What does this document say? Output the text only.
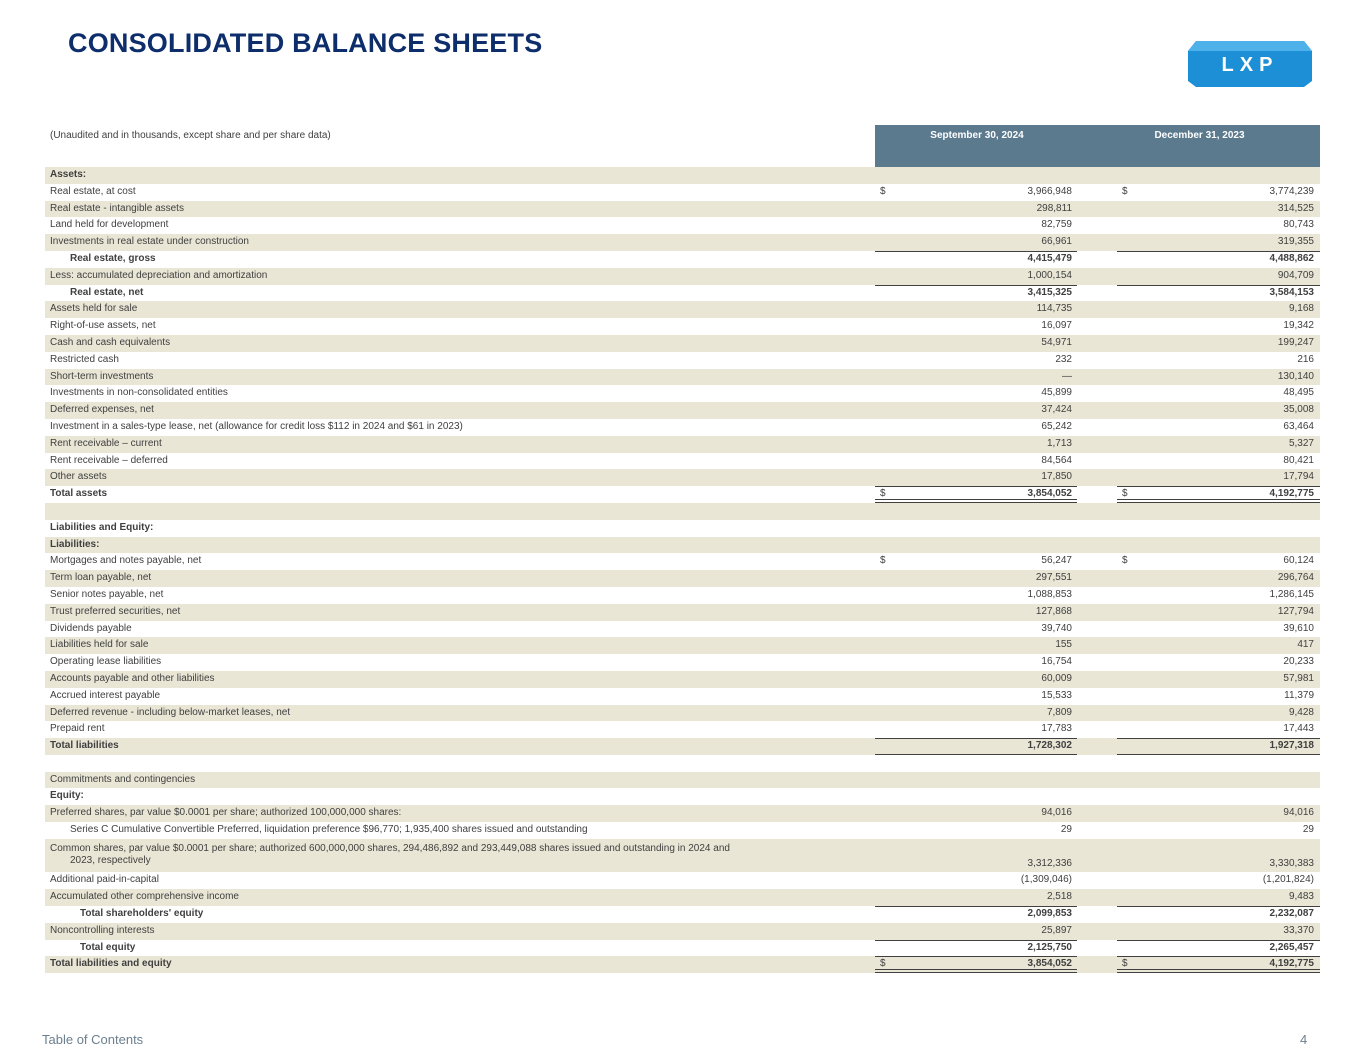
CONSOLIDATED BALANCE SHEETS
LXP
(Unaudited and in thousands, except share and per share data)	September 30, 2024	December 31, 2023
Assets:
Real estate, at cost	$	3,966,948	$	3,774,239
Real estate - intangible assets	298,811	314,525
Land held for development	82,759	80,743
Investments in real estate under construction	66,961	319,355
Real estate, gross	4,415,479	4,488,862
Less: accumulated depreciation and amortization	1,000,154	904,709
Real estate, net	3,415,325	3,584,153
Assets held for sale	114,735	9,168
Right-of-use assets, net	16,097	19,342
Cash and cash equivalents	54,971	199,247
Restricted cash	232	216
Short-term investments	—	130,140
Investments in non-consolidated entities	45,899	48,495
Deferred expenses, net	37,424	35,008
Investment in a sales-type lease, net (allowance for credit loss $112 in 2024 and $61 in 2023)	65,242	63,464
Rent receivable – current	1,713	5,327
Rent receivable – deferred	84,564	80,421
Other assets	17,850	17,794
Total assets	$	3,854,052	$	4,192,775
Liabilities and Equity:
Liabilities:
Mortgages and notes payable, net	$	56,247	$	60,124
Term loan payable, net	297,551	296,764
Senior notes payable, net	1,088,853	1,286,145
Trust preferred securities, net	127,868	127,794
Dividends payable	39,740	39,610
Liabilities held for sale	155	417
Operating lease liabilities	16,754	20,233
Accounts payable and other liabilities	60,009	57,981
Accrued interest payable	15,533	11,379
Deferred revenue - including below-market leases, net	7,809	9,428
Prepaid rent	17,783	17,443
Total liabilities	1,728,302	1,927,318
Commitments and contingencies
Equity:
Preferred shares, par value $0.0001 per share; authorized 100,000,000 shares:	94,016	94,016
Series C Cumulative Convertible Preferred, liquidation preference $96,770; 1,935,400 shares issued and outstanding	29	29
Common shares, par value $0.0001 per share; authorized 600,000,000 shares, 294,486,892 and 293,449,088 shares issued and outstanding in 2024 and
2023, respectively	3,312,336	3,330,383
Additional paid-in-capital	(1,309,046)	(1,201,824)
Accumulated other comprehensive income	2,518	9,483
Total shareholders' equity	2,099,853	2,232,087
Noncontrolling interests	25,897	33,370
Total equity	2,125,750	2,265,457
Total liabilities and equity	$	3,854,052	$	4,192,775
Table of Contents	4
